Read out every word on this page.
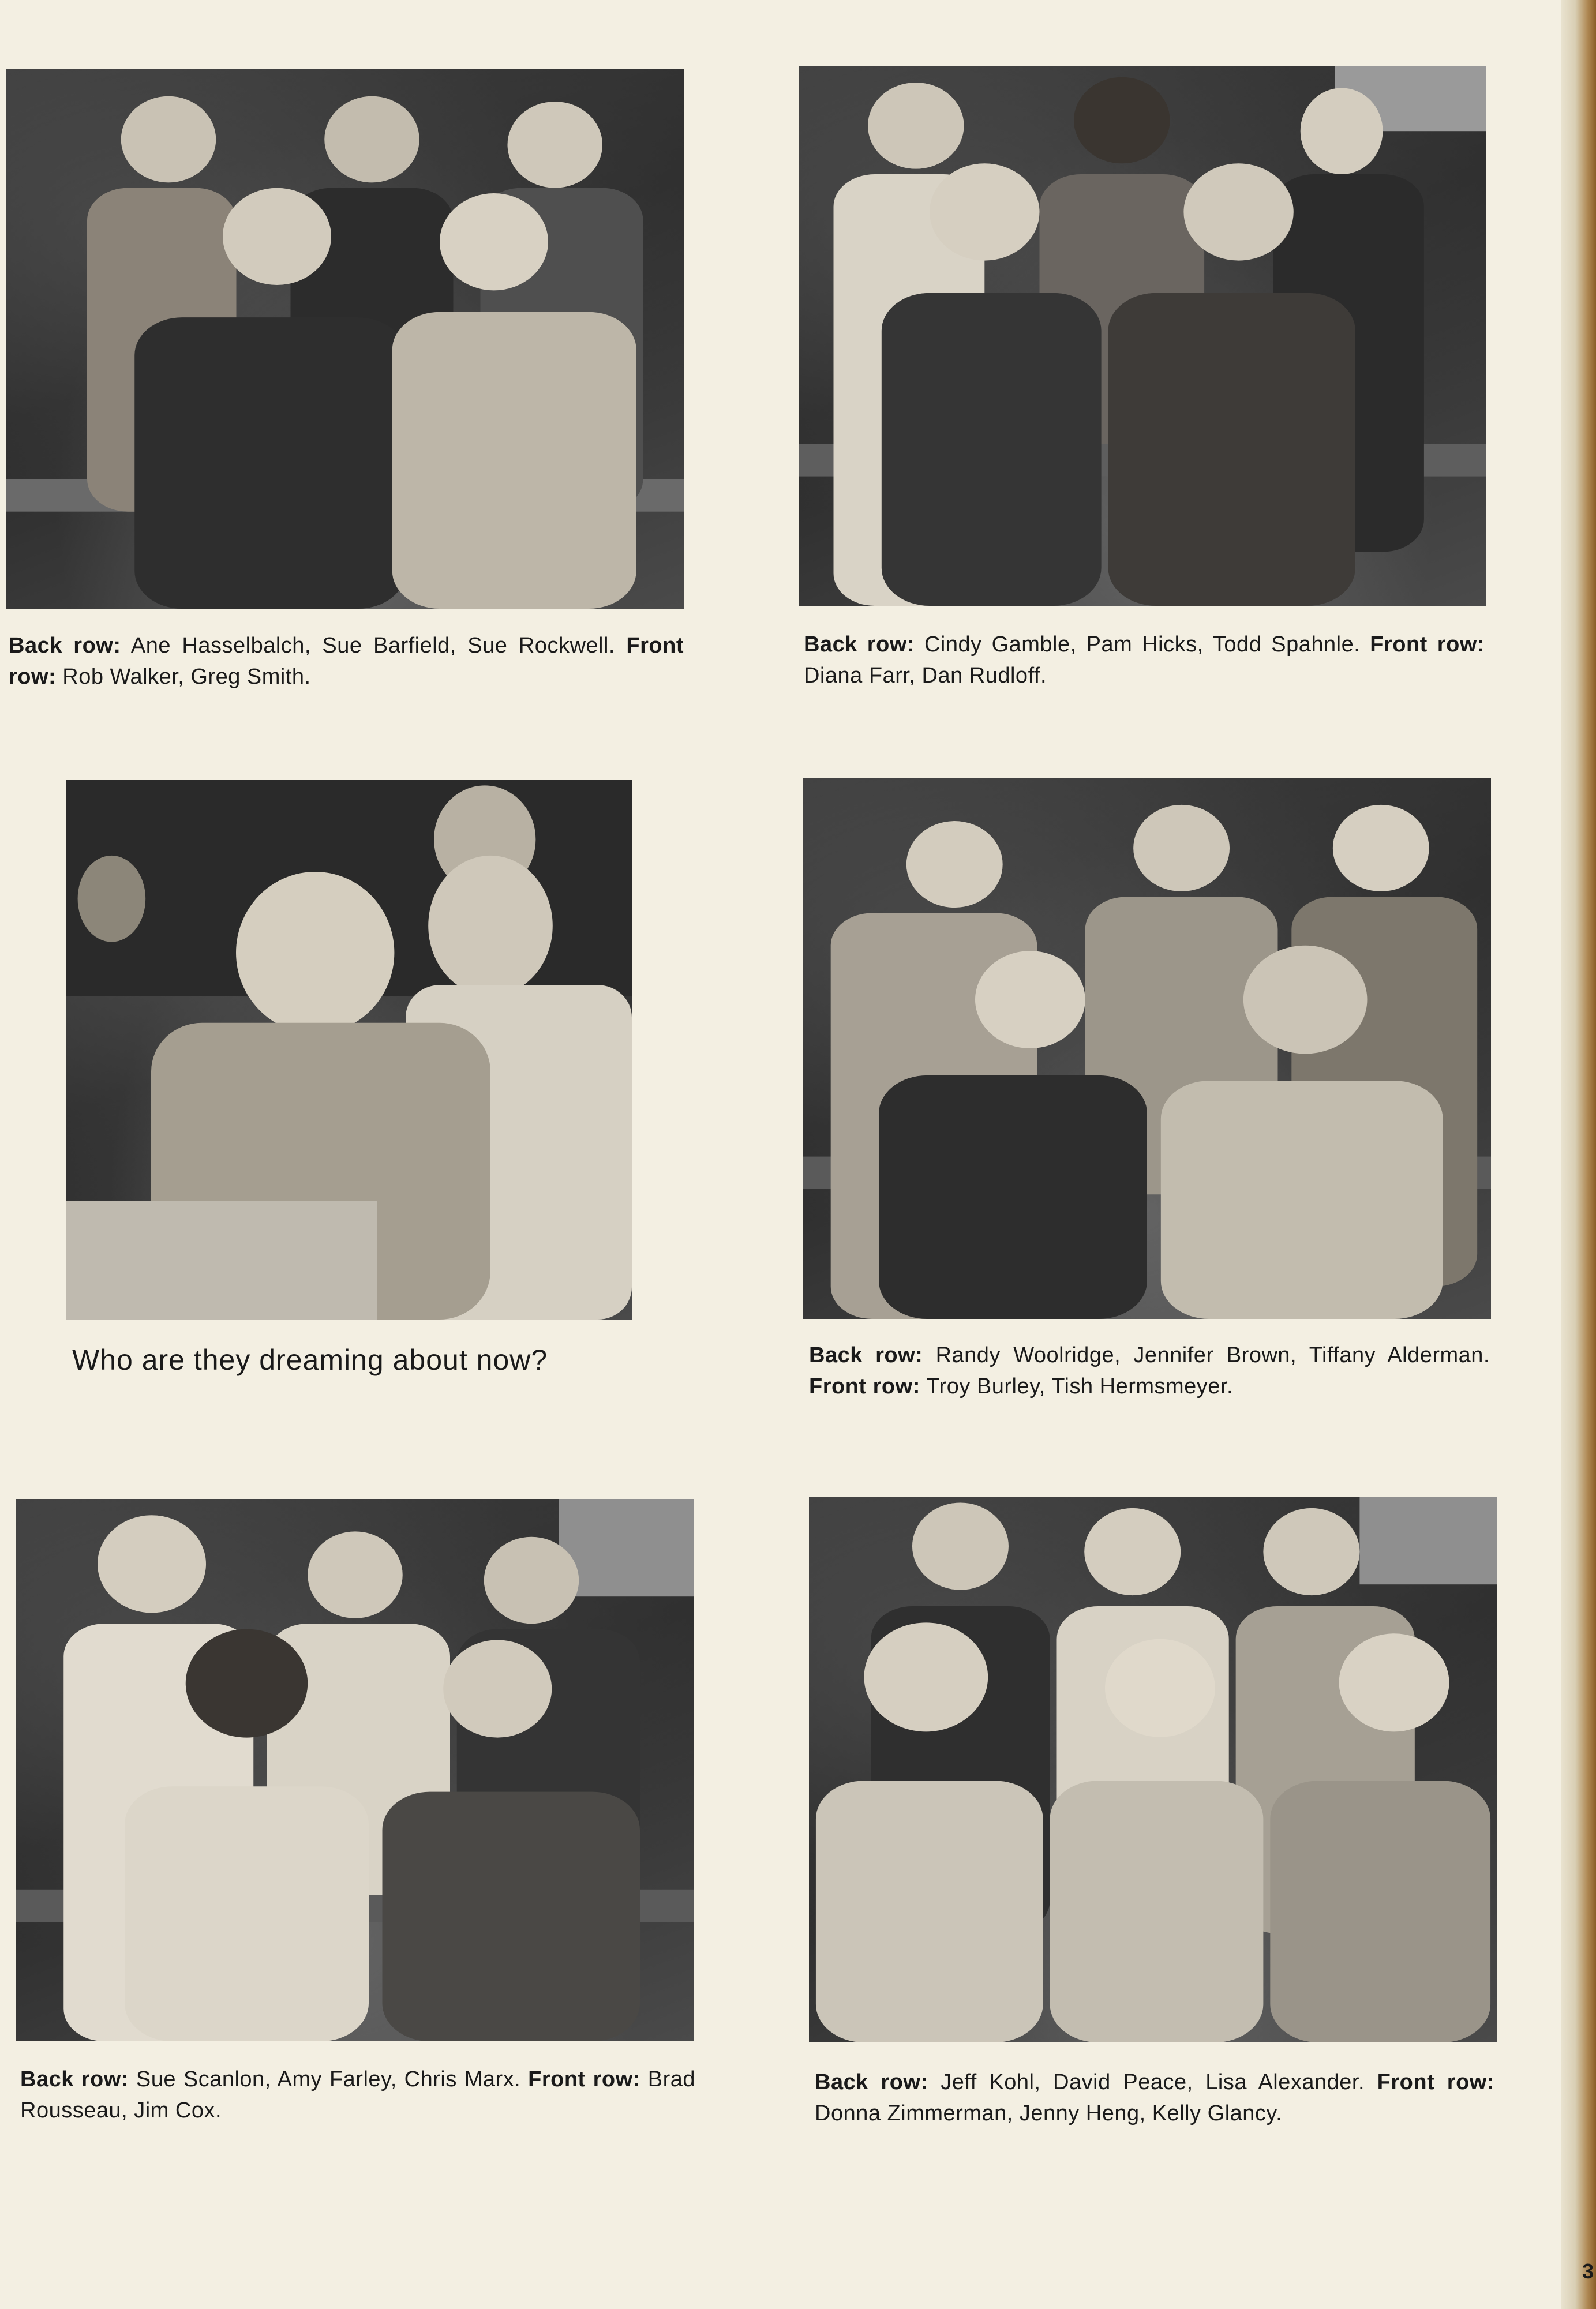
Back row: Ane Hasselbalch, Sue Barfield, Sue Rockwell. Front row: Rob Walker, Greg Smith.
Back row: Cindy Gamble, Pam Hicks, Todd Spahnle. Front row: Diana Farr, Dan Rudloff.
Who are they dreaming about now?	Back row: Randy Woolridge, Jennifer Brown, Tiffany Alderman. Front row: Troy Burley, Tish Hermsmeyer.
Back row: Sue Scanlon, Amy Farley, Chris Marx. Front row: Brad Rousseau, Jim Cox.
Back row: Jeff Kohl, David Peace, Lisa Alexander. Front row: Donna Zimmerman, Jenny Heng, Kelly Glancy.
3
